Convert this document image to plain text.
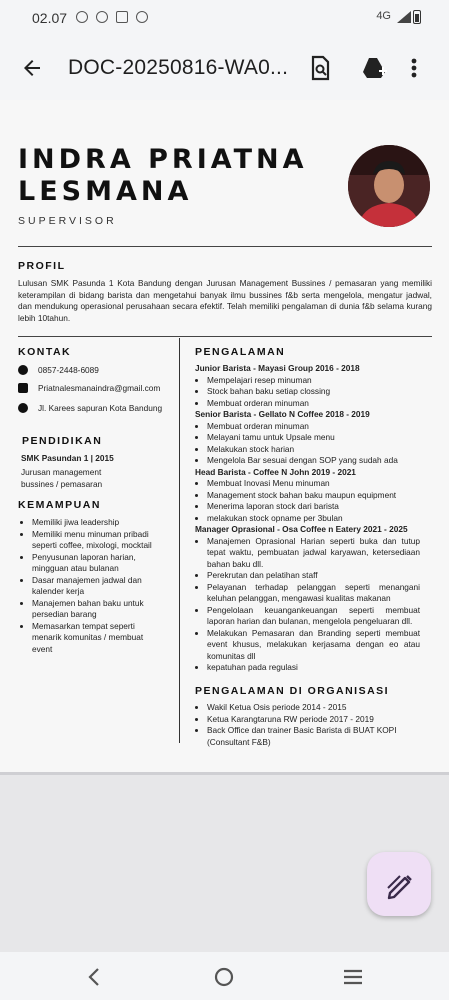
02.07	4G
DOC-20250816-WA0...
INDRA PRIATNA
LESMANA
SUPERVISOR
PROFIL
Lulusan SMK Pasunda 1 Kota Bandung dengan Jurusan Management Bussines / pemasaran yang memiliki keterampilan di bidang barista dan mengetahui banyak ilmu bussines f&b serta mengelola, mengatur jadwal, dan mendukung operasional perusahaan secara efektif. Telah memiliki pengalaman di dunia f&b selama kurang lebih 10tahun.
KONTAK
0857-2448-6089
Priatnalesmanaindra@gmail.com
Jl. Karees sapuran Kota Bandung
PENDIDIKAN
SMK Pasundan 1 | 2015
Jurusan management bussines / pemasaran
KEMAMPUAN
• Memiliki jiwa leadership
• Memiliki menu minuman pribadi seperti coffee, mixologi, mocktail
• Penyusunan laporan harian, mingguan atau bulanan
• Dasar manajemen jadwal dan kalender kerja
• Manajemen bahan baku untuk persedian barang
• Memasarkan tempat seperti menarik komunitas / membuat event
PENGALAMAN
Junior Barista - Mayasi Group 2016 - 2018
• Mempelajari resep minuman
• Stock bahan baku setiap clossing
• Membuat orderan minuman
Senior Barista - Gellato N Coffee 2018 - 2019
• Membuat orderan minuman
• Melayani tamu untuk Upsale menu
• Melakukan stock harian
• Mengelola Bar sesuai dengan SOP yang sudah ada
Head Barista - Coffee N John 2019 - 2021
• Membuat Inovasi Menu minuman
• Management stock bahan baku maupun equipment
• Menerima laporan stock dari barista
• melakukan stock opname per 3bulan
Manager Oprasional - Osa Coffee n Eatery 2021 - 2025
• Manajemen Oprasional Harian seperti buka dan tutup tepat waktu, pembuatan jadwal karyawan, ketersediaan bahan baku dll.
• Perekrutan dan pelatihan staff
• Pelayanan terhadap pelanggan seperti menangani keluhan pelanggan, mengawasi kualitas makanan
• Pengelolaan keuangankeuangan seperti membuat laporan harian dan bulanan, mengelola pengeluaran dll.
• Melakukan Pemasaran dan Branding seperti membuat event khusus, melakukan kerjasama dengan eo atau komunitas dll
• kepatuhan pada regulasi
PENGALAMAN DI ORGANISASI
• Wakil Ketua Osis periode 2014 - 2015
• Ketua Karangtaruna RW periode 2017 - 2019
• Back Office dan trainer Basic Barista di BUAT KOPI (Consultant F&B)
